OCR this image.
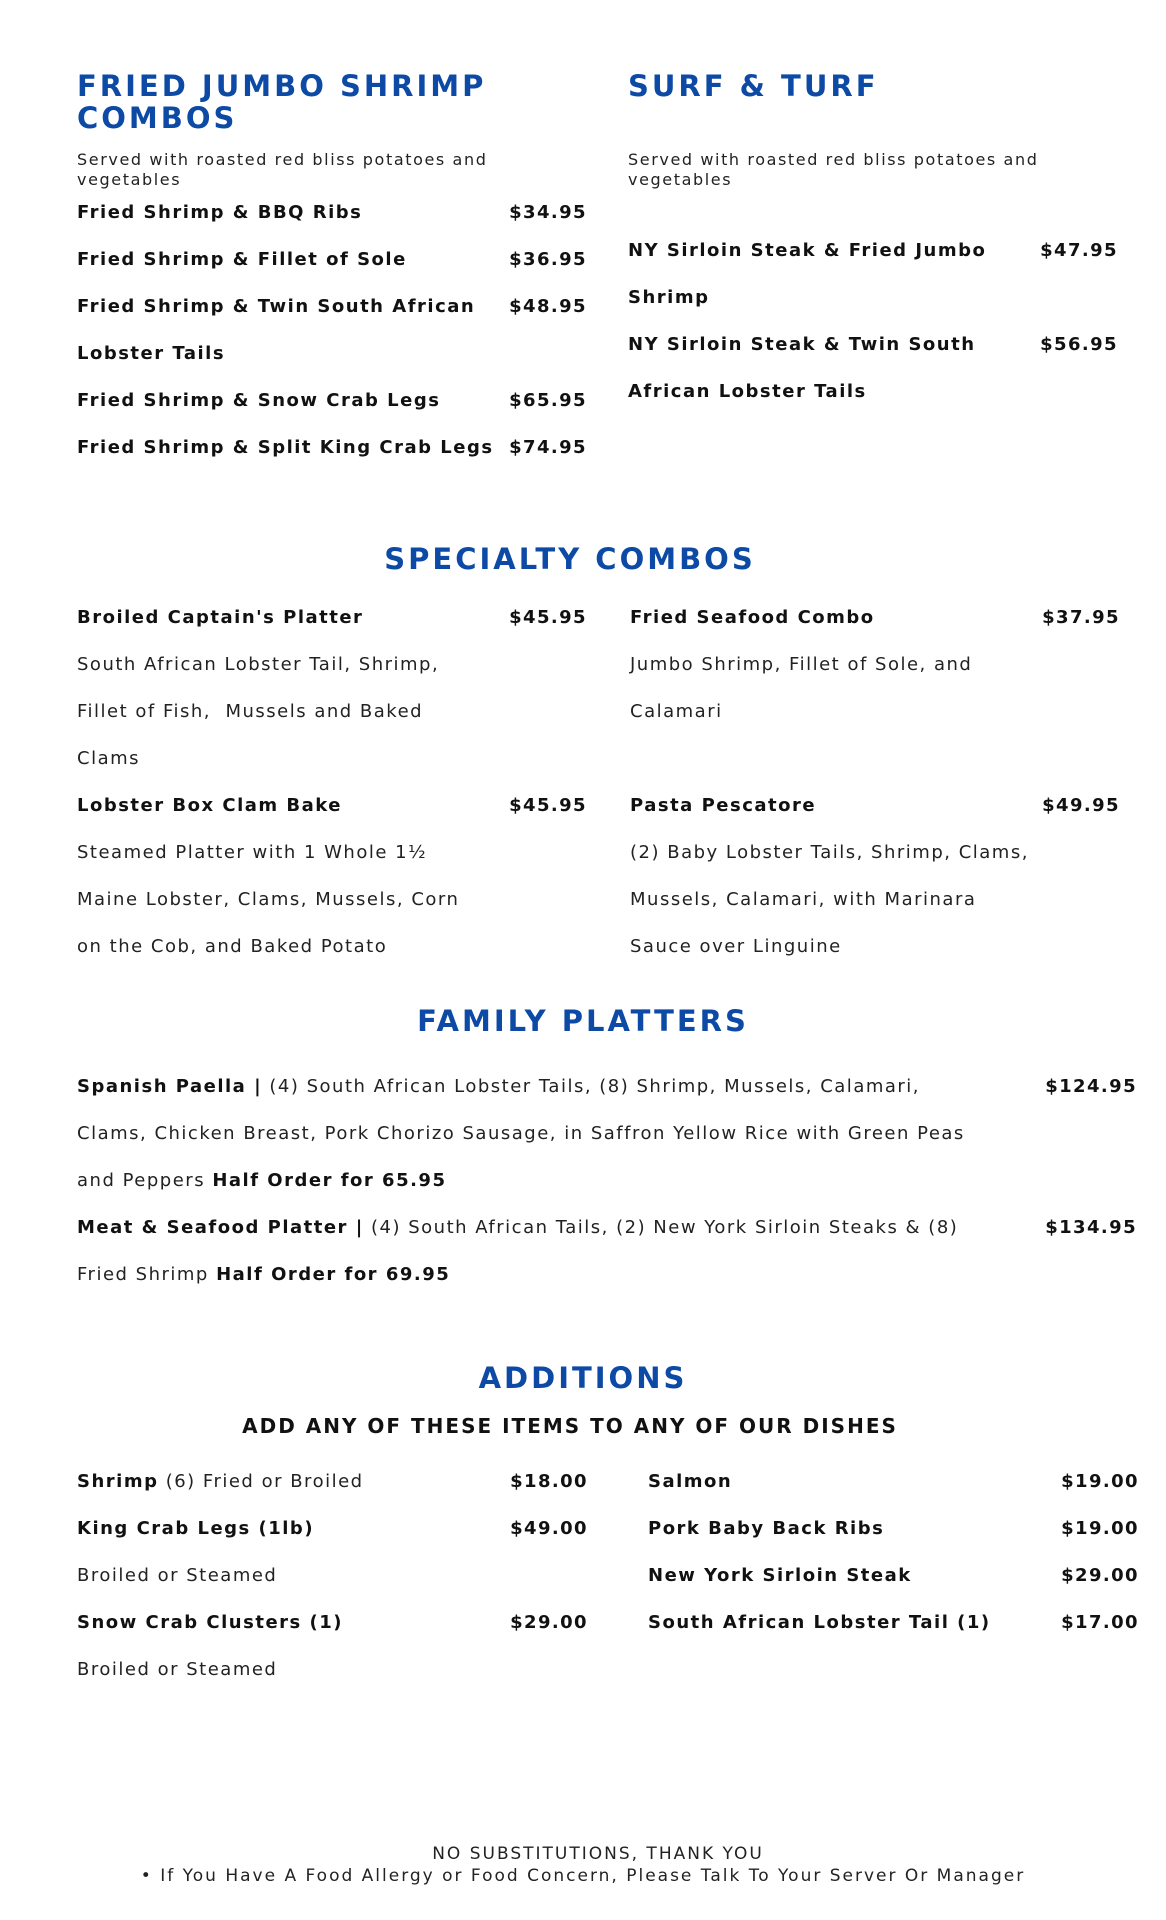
FRIED JUMBO SHRIMP COMBOS
Served with roasted red bliss potatoes and vegetables
Fried Shrimp & BBQ Ribs	$34.95
Fried Shrimp & Fillet of Sole	$36.95
Fried Shrimp & Twin South African $48.95
Lobster Tails
Fried Shrimp & Snow Crab Legs	$65.95
Fried Shrimp & Split King Crab Legs $74.95
SURF & TURF
Served with roasted red bliss potatoes and vegetables
NY Sirloin Steak & Fried Jumbo	$47.95
Shrimp
NY Sirloin Steak & Twin South	$56.95
African Lobster Tails
SPECIALTY COMBOS
Broiled Captain's Platter	$45.95
South African Lobster Tail, Shrimp,
Fillet of Fish,  Mussels and Baked
Clams
Lobster Box Clam Bake	$45.95
Steamed Platter with 1 Whole 1½
Maine Lobster, Clams, Mussels, Corn
on the Cob, and Baked Potato
Fried Seafood Combo	$37.95
Jumbo Shrimp, Fillet of Sole, and
Calamari
Pasta Pescatore	$49.95
(2) Baby Lobster Tails, Shrimp, Clams,
Mussels, Calamari, with Marinara
Sauce over Linguine
FAMILY PLATTERS
Spanish Paella | (4) South African Lobster Tails, (8) Shrimp, Mussels, Calamari,	$124.95
Clams, Chicken Breast, Pork Chorizo Sausage, in Saffron Yellow Rice with Green Peas
and Peppers Half Order for 65.95
Meat & Seafood Platter | (4) South African Tails, (2) New York Sirloin Steaks & (8)	$134.95
Fried Shrimp Half Order for 69.95
ADDITIONS
ADD ANY OF THESE ITEMS TO ANY OF OUR DISHES
Shrimp (6) Fried or Broiled	$18.00
King Crab Legs (1lb)	$49.00
Broiled or Steamed
Snow Crab Clusters (1)	$29.00
Broiled or Steamed
Salmon	$19.00
Pork Baby Back Ribs	$19.00
New York Sirloin Steak	$29.00
South African Lobster Tail (1)	$17.00
NO SUBSTITUTIONS, THANK YOU
• If You Have A Food Allergy or Food Concern, Please Talk To Your Server Or Manager
